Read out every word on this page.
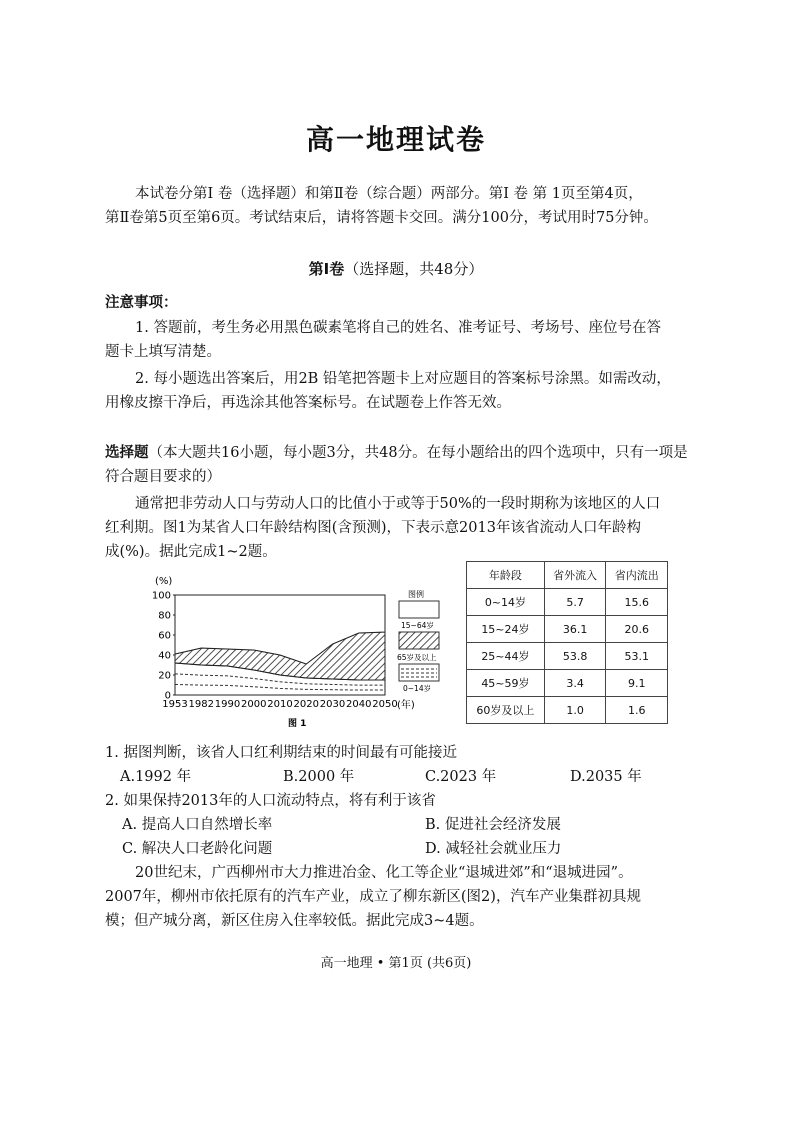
高一地理试卷
本试卷分第Ⅰ 卷（选择题）和第Ⅱ卷（综合题）两部分。第Ⅰ 卷 第 1页至第4页，
第Ⅱ卷第5页至第6页。考试结束后，请将答题卡交回。满分100分，考试用时75分钟。
第Ⅰ卷（选择题，共48分）
注意事项：
1. 答题前，考生务必用黑色碳素笔将自己的姓名、准考证号、考场号、座位号在答
题卡上填写清楚。
2. 每小题选出答案后，用2B 铅笔把答题卡上对应题目的答案标号涂黑。如需改动，
用橡皮擦干净后，再选涂其他答案标号。在试题卷上作答无效。
选择题（本大题共16小题，每小题3分，共48分。在每小题给出的四个选项中，只有一项是
符合题目要求的）
通常把非劳动人口与劳动人口的比值小于或等于50%的一段时期称为该地区的人口
红利期。图1为某省人口年龄结构图(含预测)，下表示意2013年该省流动人口年龄构
成(%)。据此完成1~2题。
(%)
0
20
40
60
80
100
1953 1982 1990 2000 2010 2020 2030 2040 2050 (年)
图 1
图例
15~64岁
65岁及以上
0~14岁
年龄段	省外流入	省内流出
0~14岁	5.7	15.6
15~24岁	36.1	20.6
25~44岁	53.8	53.1
45~59岁	3.4	9.1
60岁及以上	1.0	1.6
1. 据图判断，该省人口红利期结束的时间最有可能接近
A.1992 年	B.2000 年	C.2023 年	D.2035 年
2. 如果保持2013年的人口流动特点，将有利于该省
A. 提高人口自然增长率	B. 促进社会经济发展
C. 解决人口老龄化问题	D. 减轻社会就业压力
20世纪末，广西柳州市大力推进冶金、化工等企业“退城进郊”和“退城进园”。
2007年，柳州市依托原有的汽车产业，成立了柳东新区(图2)，汽车产业集群初具规
模；但产城分离，新区住房入住率较低。据此完成3~4题。
高一地理 • 第1页 (共6页)
